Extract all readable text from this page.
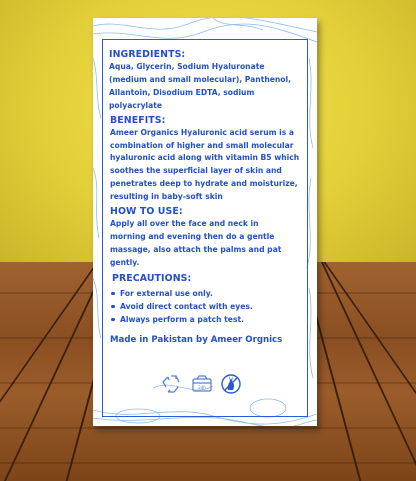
INGREDIENTS:
Aqua, Glycerin, Sodium Hyaluronate (medium and small molecular), Panthenol, Allantoin, Disodium EDTA, sodium polyacrylate
BENEFITS:
Ameer Organics Hyaluronic acid serum is a combination of higher and small molecular hyaluronic acid along with vitamin B5 which soothes the superficial layer of skin and penetrates deep to hydrate and moisturize, resulting in baby-soft skin
HOW TO USE:
Apply all over the face and neck in morning and evening then do a gentle massage, also attach the palms and pat gently.
PRECAUTIONS:
For external use only.
Avoid direct contact with eyes.
Always perform a patch test.
Made in Pakistan by Ameer Orgnics
24h
